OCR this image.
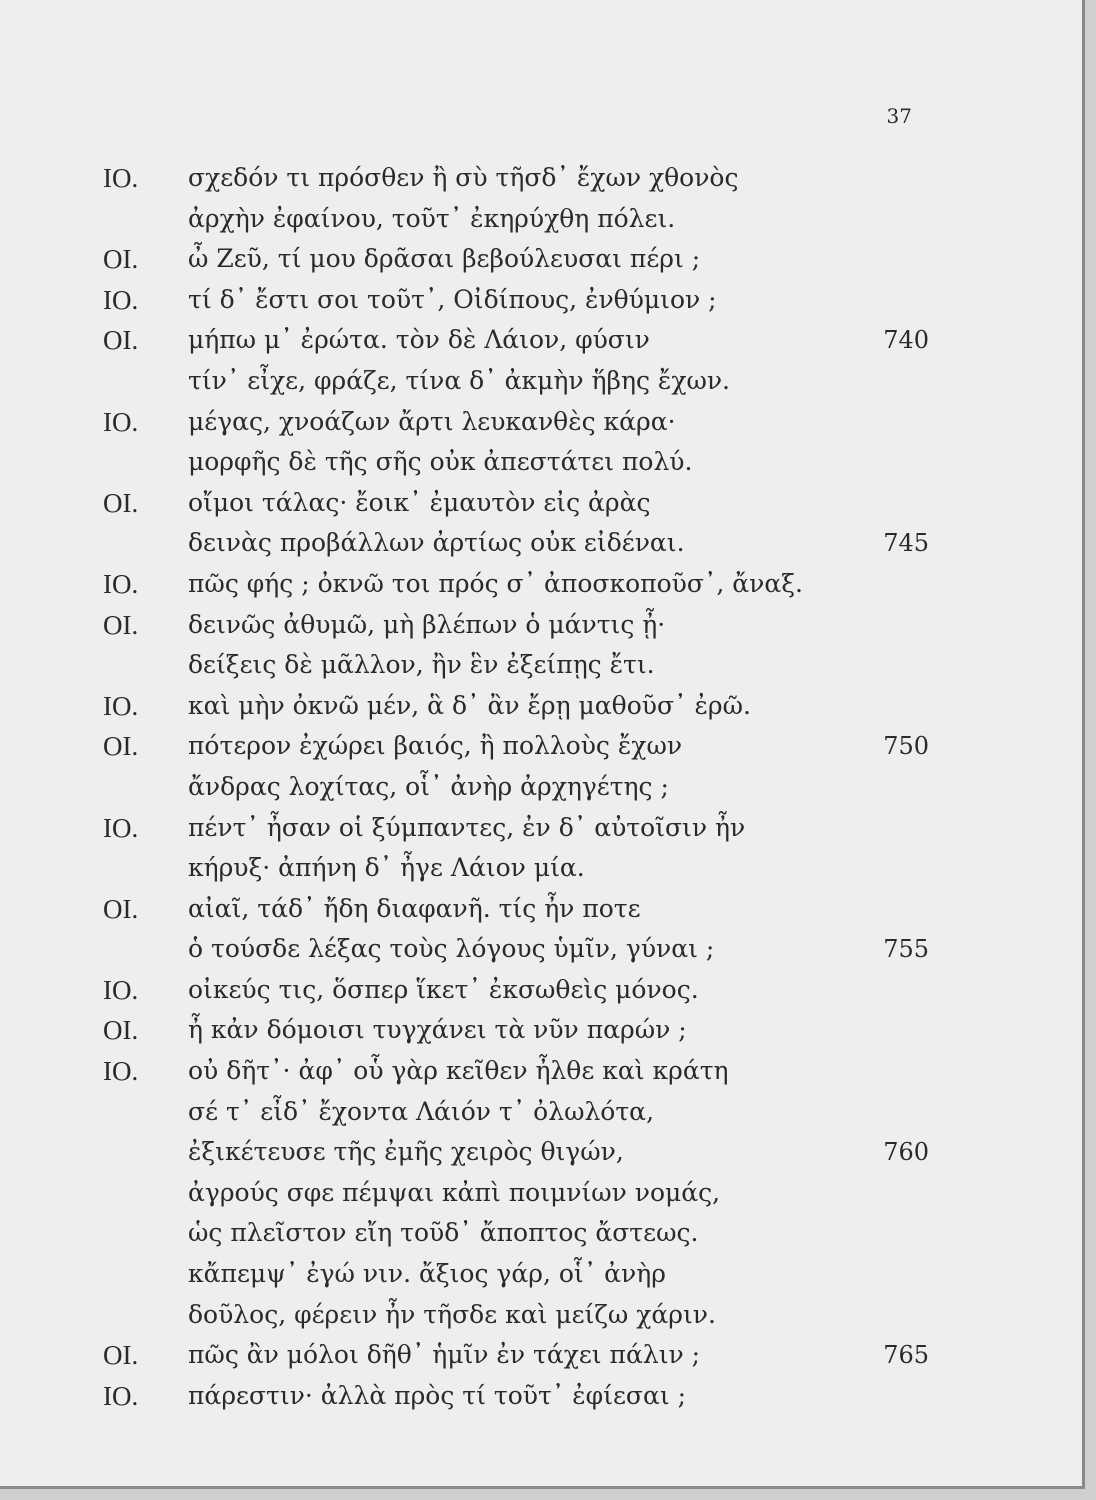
37
ΙΟ. σχεδόν τι πρόσθεν ἢ σὺ τῆσδ᾽ ἔχων χθονὸς
ἀρχὴν ἐφαίνου, τοῦτ᾽ ἐκηρύχθη πόλει.
ΟΙ. ὦ Ζεῦ, τί μου δρᾶσαι βεβούλευσαι πέρι ;
ΙΟ. τί δ᾽ ἔστι σοι τοῦτ᾽, Οἰδίπους, ἐνθύμιον ;
ΟΙ. μήπω μ᾽ ἐρώτα. τὸν δὲ Λάιον, φύσιν	740
τίν᾽ εἶχε, φράζε, τίνα δ᾽ ἀκμὴν ἥβης ἔχων.
ΙΟ. μέγας, χνοάζων ἄρτι λευκανθὲς κάρα·
μορφῆς δὲ τῆς σῆς οὐκ ἀπεστάτει πολύ.
ΟΙ. οἴμοι τάλας· ἔοικ᾽ ἐμαυτὸν εἰς ἀρὰς
δεινὰς προβάλλων ἀρτίως οὐκ εἰδέναι.	745
ΙΟ. πῶς φής ; ὀκνῶ τοι πρός σ᾽ ἀποσκοποῦσ᾽, ἄναξ.
ΟΙ. δεινῶς ἀθυμῶ, μὴ βλέπων ὁ μάντις ᾖ·
δείξεις δὲ μᾶλλον, ἢν ἓν ἐξείπῃς ἔτι.
ΙΟ. καὶ μὴν ὀκνῶ μέν, ἃ δ᾽ ἂν ἔρῃ μαθοῦσ᾽ ἐρῶ.
ΟΙ. πότερον ἐχώρει βαιός, ἢ πολλοὺς ἔχων	750
ἄνδρας λοχίτας, οἷ᾽ ἀνὴρ ἀρχηγέτης ;
ΙΟ. πέντ᾽ ἦσαν οἱ ξύμπαντες, ἐν δ᾽ αὐτοῖσιν ἦν
κήρυξ· ἀπήνη δ᾽ ἦγε Λάιον μία.
ΟΙ. αἰαῖ, τάδ᾽ ἤδη διαφανῆ. τίς ἦν ποτε
ὁ τούσδε λέξας τοὺς λόγους ὑμῖν, γύναι ;	755
ΙΟ. οἰκεύς τις, ὅσπερ ἵκετ᾽ ἐκσωθεὶς μόνος.
ΟΙ. ἦ κἀν δόμοισι τυγχάνει τὰ νῦν παρών ;
ΙΟ. οὐ δῆτ᾽· ἀφ᾽ οὗ γὰρ κεῖθεν ἦλθε καὶ κράτη
σέ τ᾽ εἶδ᾽ ἔχοντα Λάιόν τ᾽ ὀλωλότα,
ἐξικέτευσε τῆς ἐμῆς χειρὸς θιγών,	760
ἀγρούς σφε πέμψαι κἀπὶ ποιμνίων νομάς,
ὡς πλεῖστον εἴη τοῦδ᾽ ἄποπτος ἄστεως.
κἄπεμψ᾽ ἐγώ νιν. ἄξιος γάρ, οἷ᾽ ἀνὴρ
δοῦλος, φέρειν ἦν τῆσδε καὶ μείζω χάριν.
ΟΙ. πῶς ἂν μόλοι δῆθ᾽ ἡμῖν ἐν τάχει πάλιν ;	765
ΙΟ. πάρεστιν· ἀλλὰ πρὸς τί τοῦτ᾽ ἐφίεσαι ;
